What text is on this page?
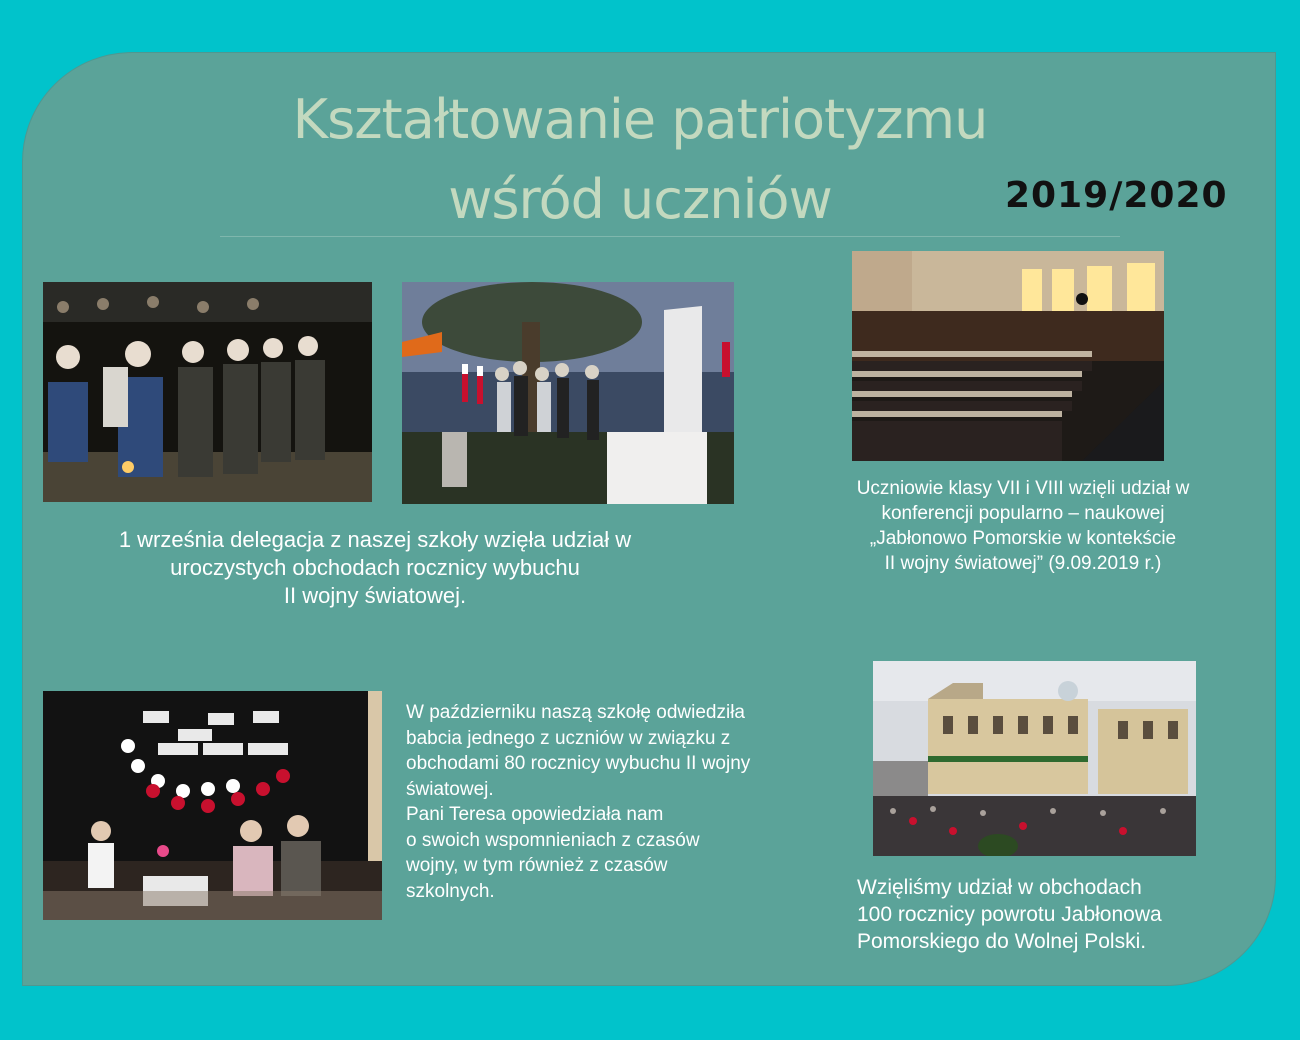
Kształtowanie patriotyzmu
wśród uczniów	2019/2020
1 września delegacja z naszej szkoły wzięła udział w
uroczystych obchodach rocznicy wybuchu
II wojny światowej.
Uczniowie klasy VII i VIII wzięli udział w
konferencji popularno – naukowej
„Jabłonowo Pomorskie w kontekście
II wojny światowej” (9.09.2019 r.)
W październiku naszą szkołę odwiedziła
babcia jednego z uczniów w związku z
obchodami 80 rocznicy wybuchu II wojny
światowej.
Pani Teresa opowiedziała nam
o swoich wspomnieniach z czasów
wojny, w tym również z czasów
szkolnych.	Wzięliśmy udział w obchodach
100 rocznicy powrotu Jabłonowa
Pomorskiego do Wolnej Polski.
